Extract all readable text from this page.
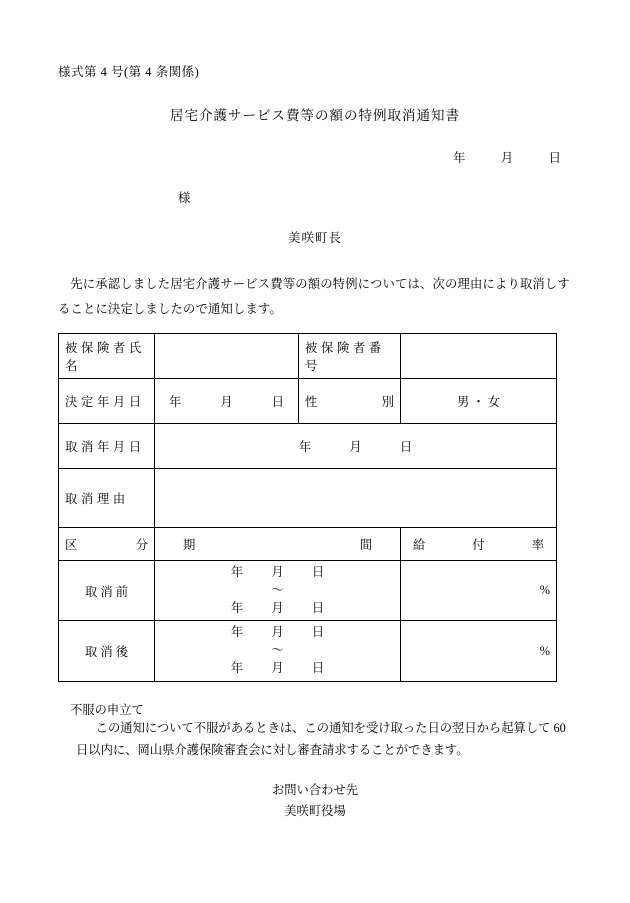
様式第 4 号(第 4 条関係)
居宅介護サービス費等の額の特例取消通知書
年	月	日
様
美咲町長
先に承認しました居宅介護サービス費等の額の特例については、次の理由により取消しすることに決定しましたので通知します。
被 保 険 者 氏 名		被 保 険 者 番 号	
決 定 年 月 日	年 月 日	性 別	男 ・ 女
取 消 年 月 日	年 月 日		

取 消 理 由			

区 分	期 間		給 付 率

取 消 前	年 月 日
～
年 月 日		%
取 消 後	年 月 日
～
年 月 日		%
不服の申立て
この通知について不服があるときは、この通知を受け取った日の翌日から起算して 60 日以内に、岡山県介護保険審査会に対し審査請求することができます。
お問い合わせ先
美咲町役場
